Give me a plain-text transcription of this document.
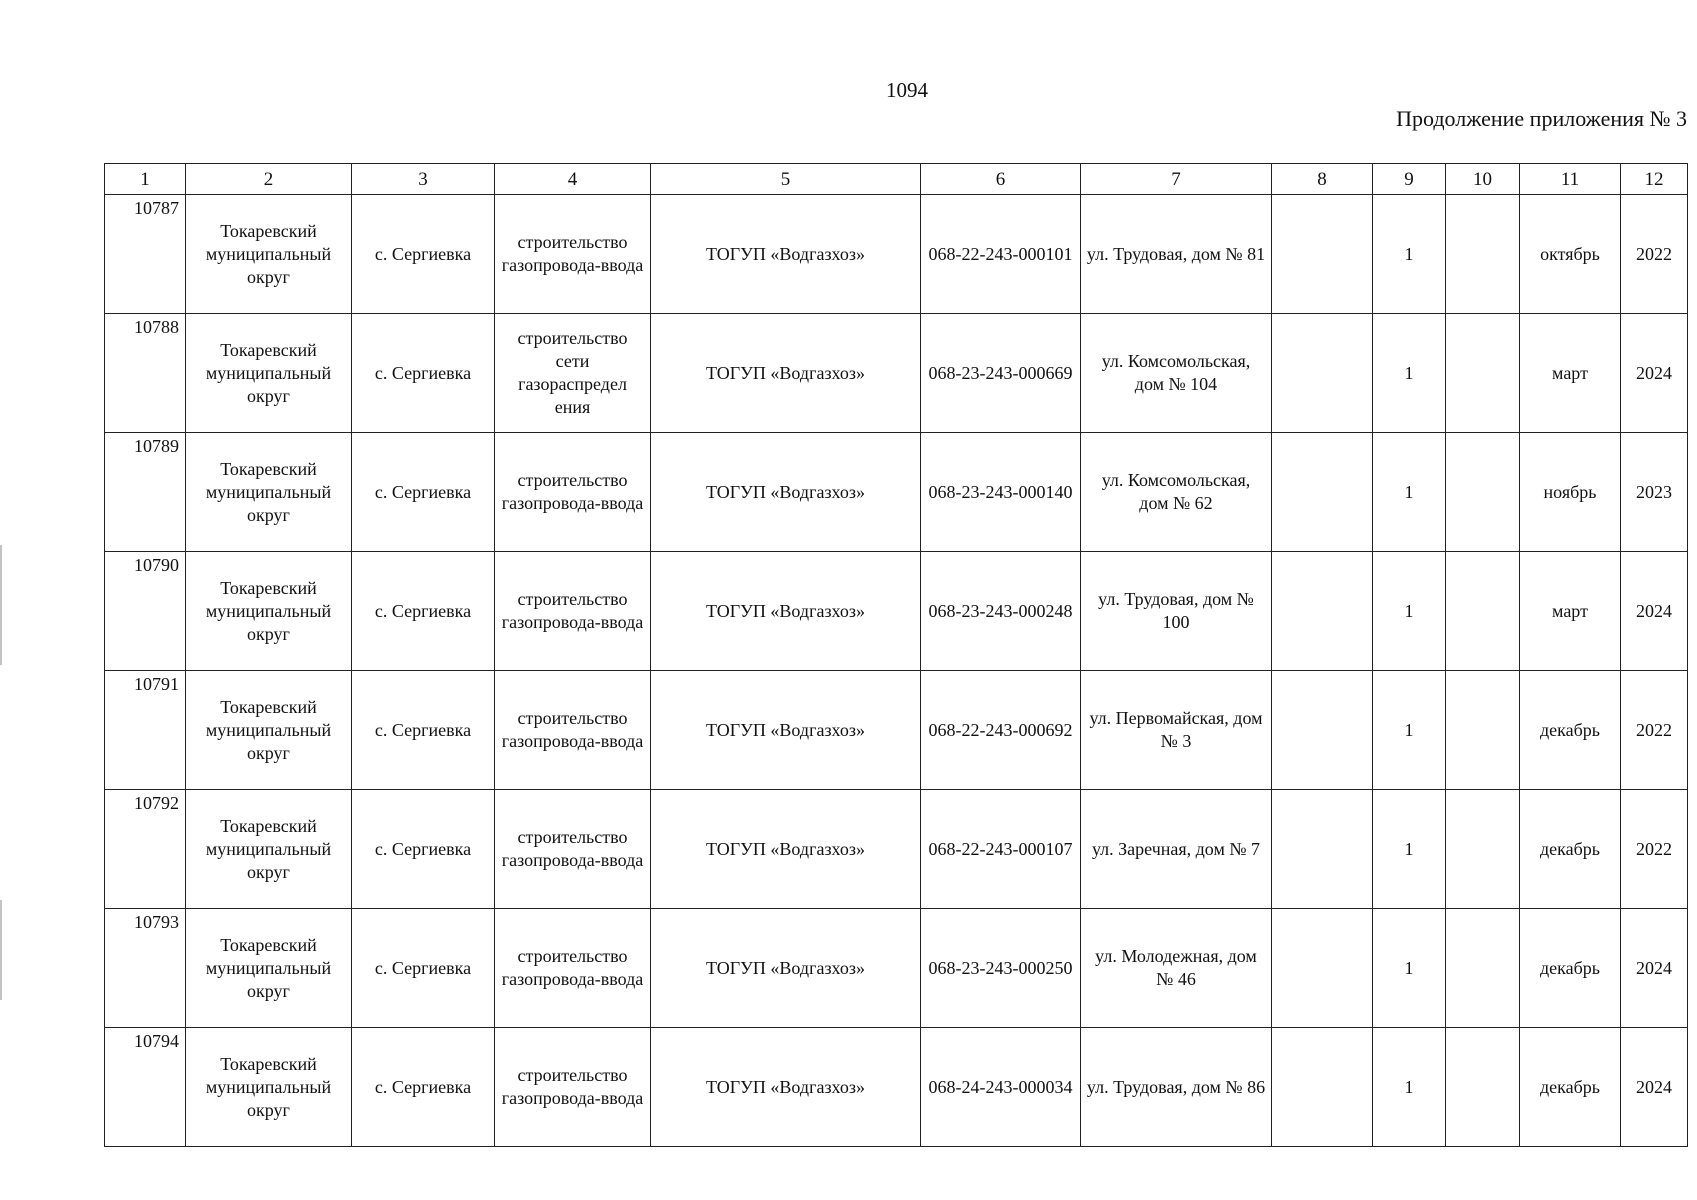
1094
Продолжение приложения № 3
1	2	3	4	5	6	7	8	9	10	11	12
10787	Токаревский муниципальный округ	с. Сергиевка	строительство газопровода-ввода	ТОГУП «Водгазхоз»	068-22-243-000101	ул. Трудовая, дом № 81		1		октябрь	2022
10788	Токаревский муниципальный округ	с. Сергиевка	строительство сети газораспредел ения	ТОГУП «Водгазхоз»	068-23-243-000669	ул. Комсомольская, дом № 104		1		март	2024
10789	Токаревский муниципальный округ	с. Сергиевка	строительство газопровода-ввода	ТОГУП «Водгазхоз»	068-23-243-000140	ул. Комсомольская, дом № 62		1		ноябрь	2023
10790	Токаревский муниципальный округ	с. Сергиевка	строительство газопровода-ввода	ТОГУП «Водгазхоз»	068-23-243-000248	ул. Трудовая, дом № 100		1		март	2024
10791	Токаревский муниципальный округ	с. Сергиевка	строительство газопровода-ввода	ТОГУП «Водгазхоз»	068-22-243-000692	ул. Первомайская, дом № 3		1		декабрь	2022
10792	Токаревский муниципальный округ	с. Сергиевка	строительство газопровода-ввода	ТОГУП «Водгазхоз»	068-22-243-000107	ул. Заречная, дом № 7		1		декабрь	2022
10793	Токаревский муниципальный округ	с. Сергиевка	строительство газопровода-ввода	ТОГУП «Водгазхоз»	068-23-243-000250	ул. Молодежная, дом № 46		1		декабрь	2024
10794	Токаревский муниципальный округ	с. Сергиевка	строительство газопровода-ввода	ТОГУП «Водгазхоз»	068-24-243-000034	ул. Трудовая, дом № 86		1		декабрь	2024
